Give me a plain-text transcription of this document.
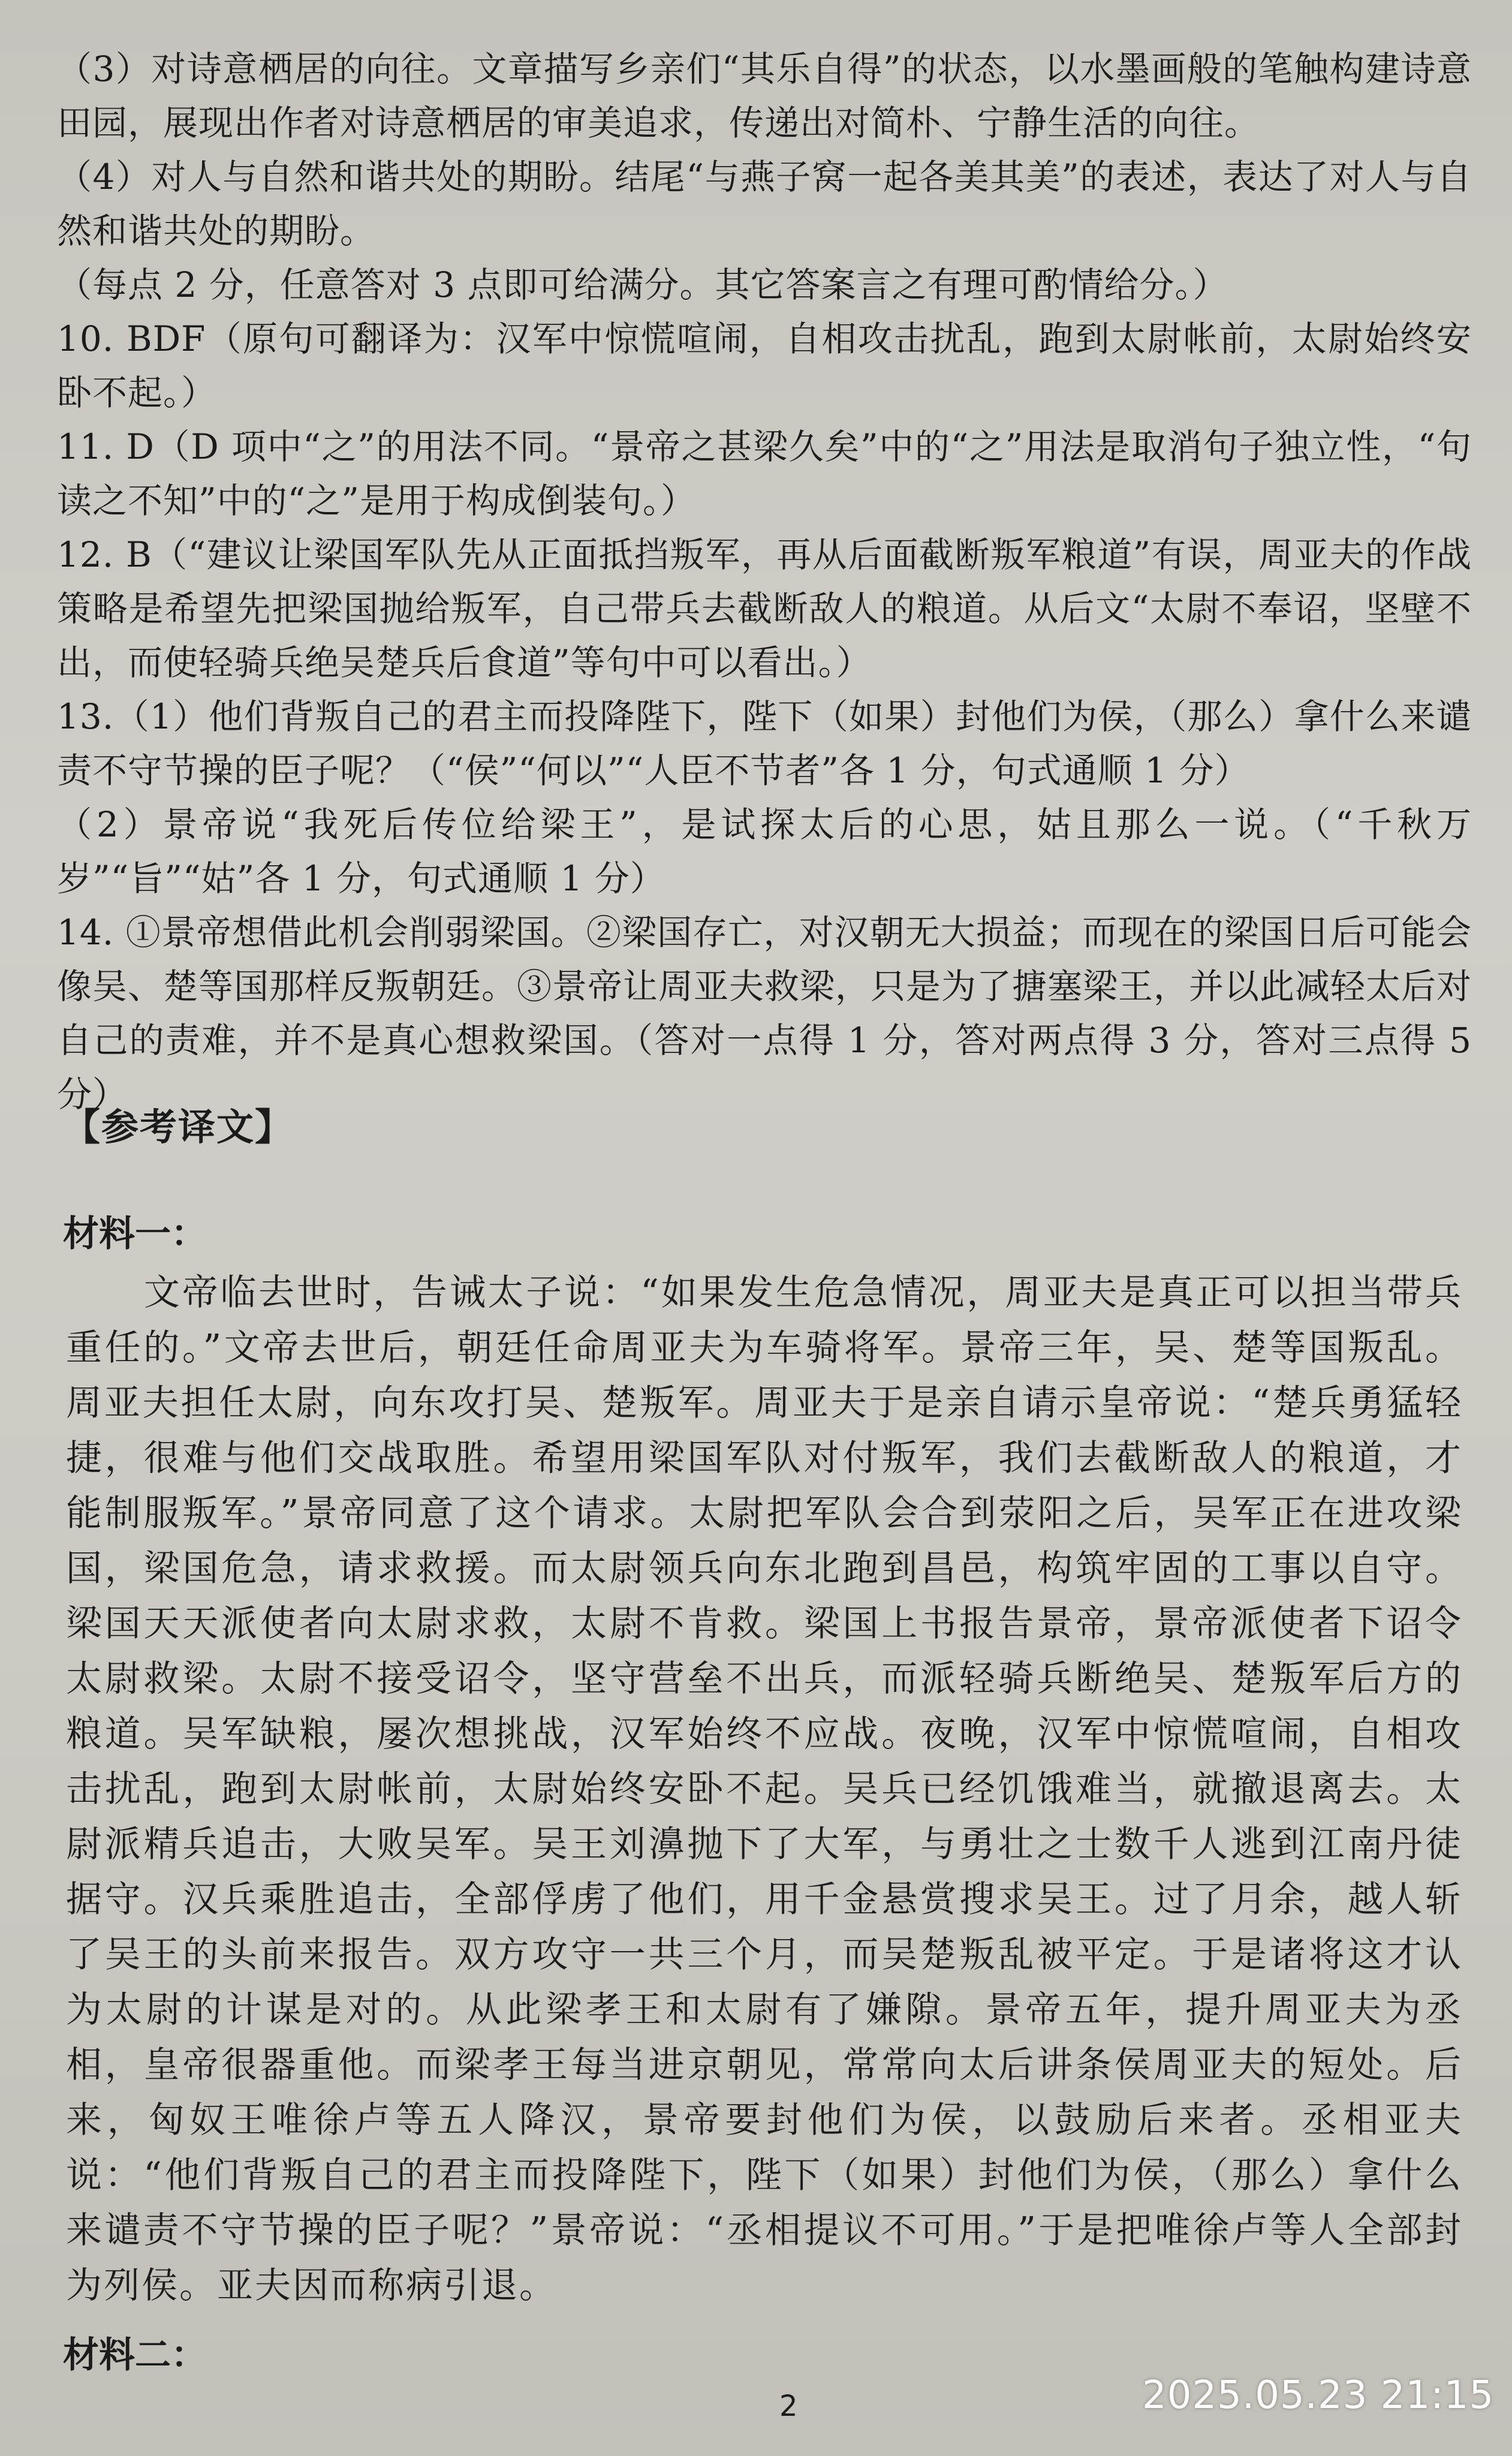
（3）对诗意栖居的向往。文章描写乡亲们“其乐自得”的状态，以水墨画般的笔触构建诗意田园，展现出作者对诗意栖居的审美追求，传递出对简朴、宁静生活的向往。

（4）对人与自然和谐共处的期盼。结尾“与燕子窝一起各美其美”的表述，表达了对人与自然和谐共处的期盼。

（每点 2 分，任意答对 3 点即可给满分。其它答案言之有理可酌情给分。）

10. BDF（原句可翻译为：汉军中惊慌喧闹，自相攻击扰乱，跑到太尉帐前，太尉始终安卧不起。）

11. D（D 项中“之”的用法不同。“景帝之甚梁久矣”中的“之”用法是取消句子独立性，“句读之不知”中的“之”是用于构成倒装句。）

12. B（“建议让梁国军队先从正面抵挡叛军，再从后面截断叛军粮道”有误，周亚夫的作战策略是希望先把梁国抛给叛军，自己带兵去截断敌人的粮道。从后文“太尉不奉诏，坚壁不出，而使轻骑兵绝吴楚兵后食道”等句中可以看出。）

13.（1）他们背叛自己的君主而投降陛下，陛下（如果）封他们为侯，（那么）拿什么来谴责不守节操的臣子呢？（“侯”“何以”“人臣不节者”各 1 分，句式通顺 1 分）

（2）景帝说“我死后传位给梁王”，是试探太后的心思，姑且那么一说。（“千秋万岁”“旨”“姑”各 1 分，句式通顺 1 分）

14. ①景帝想借此机会削弱梁国。②梁国存亡，对汉朝无大损益；而现在的梁国日后可能会像吴、楚等国那样反叛朝廷。③景帝让周亚夫救梁，只是为了搪塞梁王，并以此减轻太后对自己的责难，并不是真心想救梁国。（答对一点得 1 分，答对两点得 3 分，答对三点得 5 分）

【参考译文】
材料一：

文帝临去世时，告诫太子说：“如果发生危急情况，周亚夫是真正可以担当带兵重任的。”文帝去世后，朝廷任命周亚夫为车骑将军。景帝三年，吴、楚等国叛乱。周亚夫担任太尉，向东攻打吴、楚叛军。周亚夫于是亲自请示皇帝说：“楚兵勇猛轻捷，很难与他们交战取胜。希望用梁国军队对付叛军，我们去截断敌人的粮道，才能制服叛军。”景帝同意了这个请求。太尉把军队会合到荥阳之后，吴军正在进攻梁国，梁国危急，请求救援。而太尉领兵向东北跑到昌邑，构筑牢固的工事以自守。梁国天天派使者向太尉求救，太尉不肯救。梁国上书报告景帝，景帝派使者下诏令太尉救梁。太尉不接受诏令，坚守营垒不出兵，而派轻骑兵断绝吴、楚叛军后方的粮道。吴军缺粮，屡次想挑战，汉军始终不应战。夜晚，汉军中惊慌喧闹，自相攻击扰乱，跑到太尉帐前，太尉始终安卧不起。吴兵已经饥饿难当，就撤退离去。太尉派精兵追击，大败吴军。吴王刘濞抛下了大军，与勇壮之士数千人逃到江南丹徒据守。汉兵乘胜追击，全部俘虏了他们，用千金悬赏搜求吴王。过了月余，越人斩了吴王的头前来报告。双方攻守一共三个月，而吴楚叛乱被平定。于是诸将这才认为太尉的计谋是对的。从此梁孝王和太尉有了嫌隙。景帝五年，提升周亚夫为丞相，皇帝很器重他。而梁孝王每当进京朝见，常常向太后讲条侯周亚夫的短处。后来，匈奴王唯徐卢等五人降汉，景帝要封他们为侯，以鼓励后来者。丞相亚夫说：“他们背叛自己的君主而投降陛下，陛下（如果）封他们为侯，（那么）拿什么来谴责不守节操的臣子呢？”景帝说：“丞相提议不可用。”于是把唯徐卢等人全部封为列侯。亚夫因而称病引退。

材料二：
2	2025.05.23 21:15
